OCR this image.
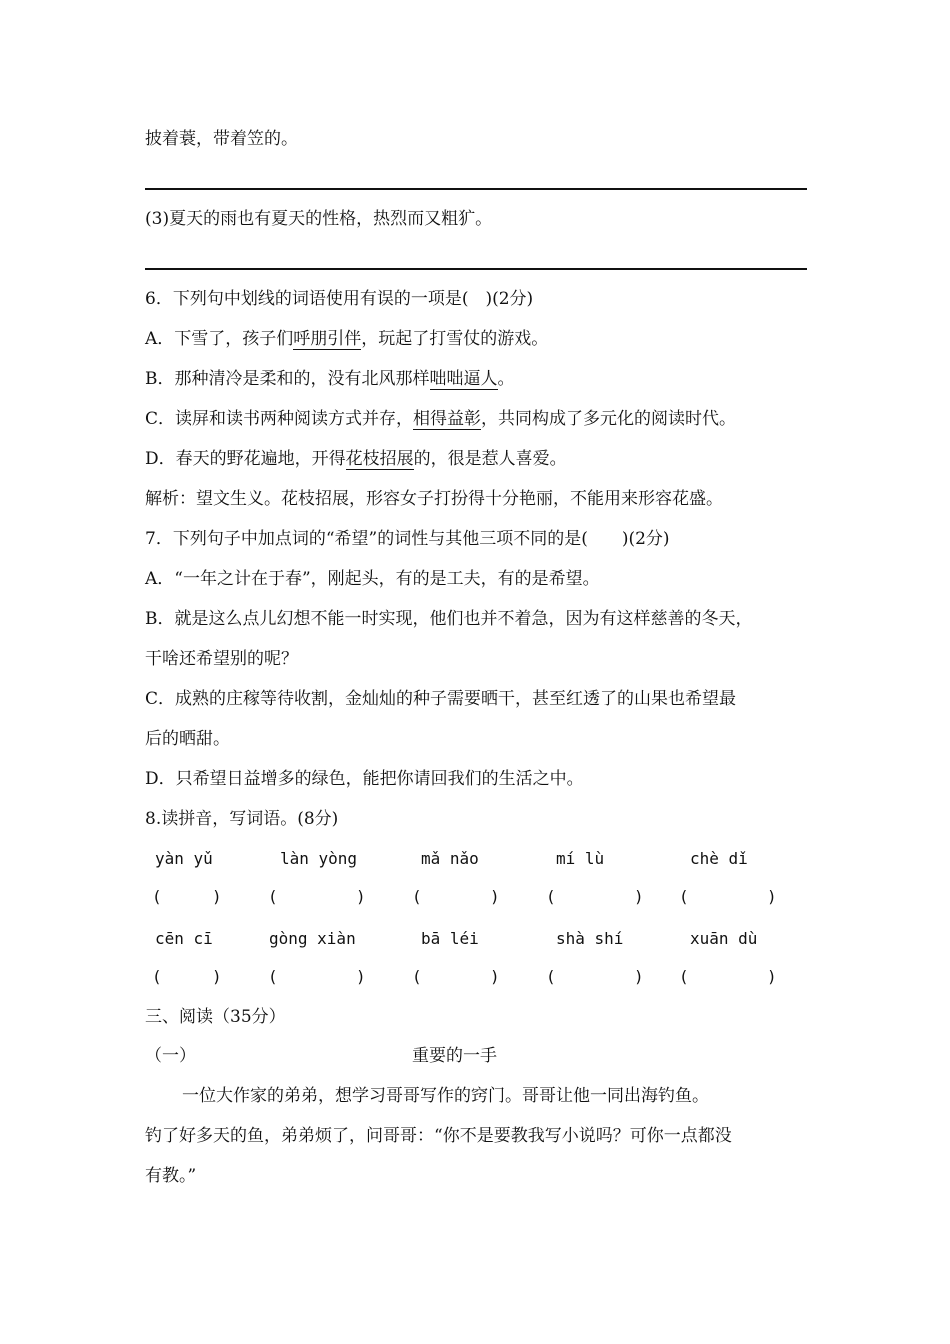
披着蓑，带着笠的。
(3)夏天的雨也有夏天的性格，热烈而又粗犷。
6．下列句中划线的词语使用有误的一项是(　)(2分)
A．下雪了，孩子们呼朋引伴，玩起了打雪仗的游戏。
B．那种清冷是柔和的，没有北风那样咄咄逼人。
C．读屏和读书两种阅读方式并存，相得益彰，共同构成了多元化的阅读时代。
D．春天的野花遍地，开得花枝招展的，很是惹人喜爱。
解析：望文生义。花枝招展，形容女子打扮得十分艳丽，不能用来形容花盛。
7．下列句子中加点词的“希望”的词性与其他三项不同的是(　　)(2分)
A．“一年之计在于春”，刚起头，有的是工夫，有的是希望。
B．就是这么点儿幻想不能一时实现，他们也并不着急，因为有这样慈善的冬天，
干啥还希望别的呢？
C．成熟的庄稼等待收割，金灿灿的种子需要晒干，甚至红透了的山果也希望最
后的晒甜。
D．只希望日益增多的绿色，能把你请回我们的生活之中。
8.读拼音，写词语。(8分)
yàn yǔ	làn yòng	mǎ nǎo	mí lù	chè dǐ
(	)	(	)	(	)	(	) (	)
cēn cī	gòng xiàn	bā léi	shà shí	xuān dù
(	)	(	)	(	)	(	) (	)
三、阅读（35分）
（一）	重要的一手
一位大作家的弟弟，想学习哥哥写作的窍门。哥哥让他一同出海钓鱼。
钓了好多天的鱼，弟弟烦了，问哥哥：“你不是要教我写小说吗？可你一点都没
有教。”
